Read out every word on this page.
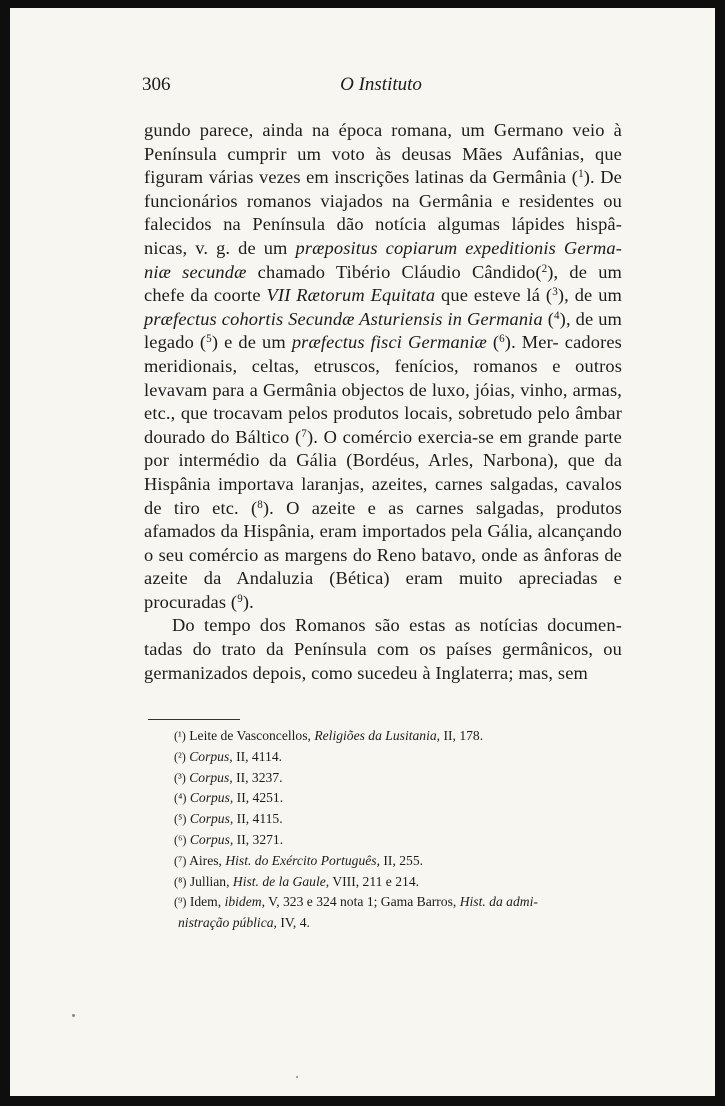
306	O Instituto

gundo parece, ainda na época romana, um Germano veio à Península cumprir um voto às deusas Mães Aufânias, que figuram várias vezes em inscrições latinas da Germânia ($^1$). De funcionários romanos viajados na Germânia e residentes ou falecidos na Península dão notícia algumas lápides hispâ- nicas, v. g. de um præpositus copiarum expeditionis Germa- niæ secundæ chamado Tibério Cláudio Cândido($^2$), de um chefe da coorte VII Rætorum Equitata que esteve lá ($^3$), de um præfectus cohortis Secundæ Asturiensis in Germania ($^4$), de um legado ($^5$) e de um præfectus fisci Germaniæ ($^6$). Mer- cadores meridionais, celtas, etruscos, fenícios, romanos e outros levavam para a Germânia objectos de luxo, jóias, vinho, armas, etc., que trocavam pelos produtos locais, sobretudo pelo âmbar dourado do Báltico ($^7$). O comércio exercia-se em grande parte por intermédio da Gália (Bordéus, Arles, Narbona), que da Hispânia importava laranjas, azeites, carnes salgadas, cavalos de tiro etc. ($^8$). O azeite e as carnes salgadas, produtos afamados da Hispânia, eram importados pela Gália, alcançando o seu comércio as margens do Reno batavo, onde as ânforas de azeite da Andaluzia (Bética) eram muito apreciadas e procuradas ($^9$).

Do tempo dos Romanos são estas as notícias documen- tadas do trato da Península com os países germânicos, ou germanizados depois, como sucedeu à Inglaterra; mas, sem

(¹) Leite de Vasconcellos, Religiões da Lusitania, II, 178.
(²) Corpus, II, 4114.
(³) Corpus, II, 3237.
(⁴) Corpus, II, 4251.
(⁵) Corpus, II, 4115.
(⁶) Corpus, II, 3271.
(⁷) Aires, Hist. do Exército Português, II, 255.
(⁸) Jullian, Hist. de la Gaule, VIII, 211 e 214.
(⁹) Idem, ibidem, V, 323 e 324 nota 1; Gama Barros, Hist. da admi-
nistração pública, IV, 4.
